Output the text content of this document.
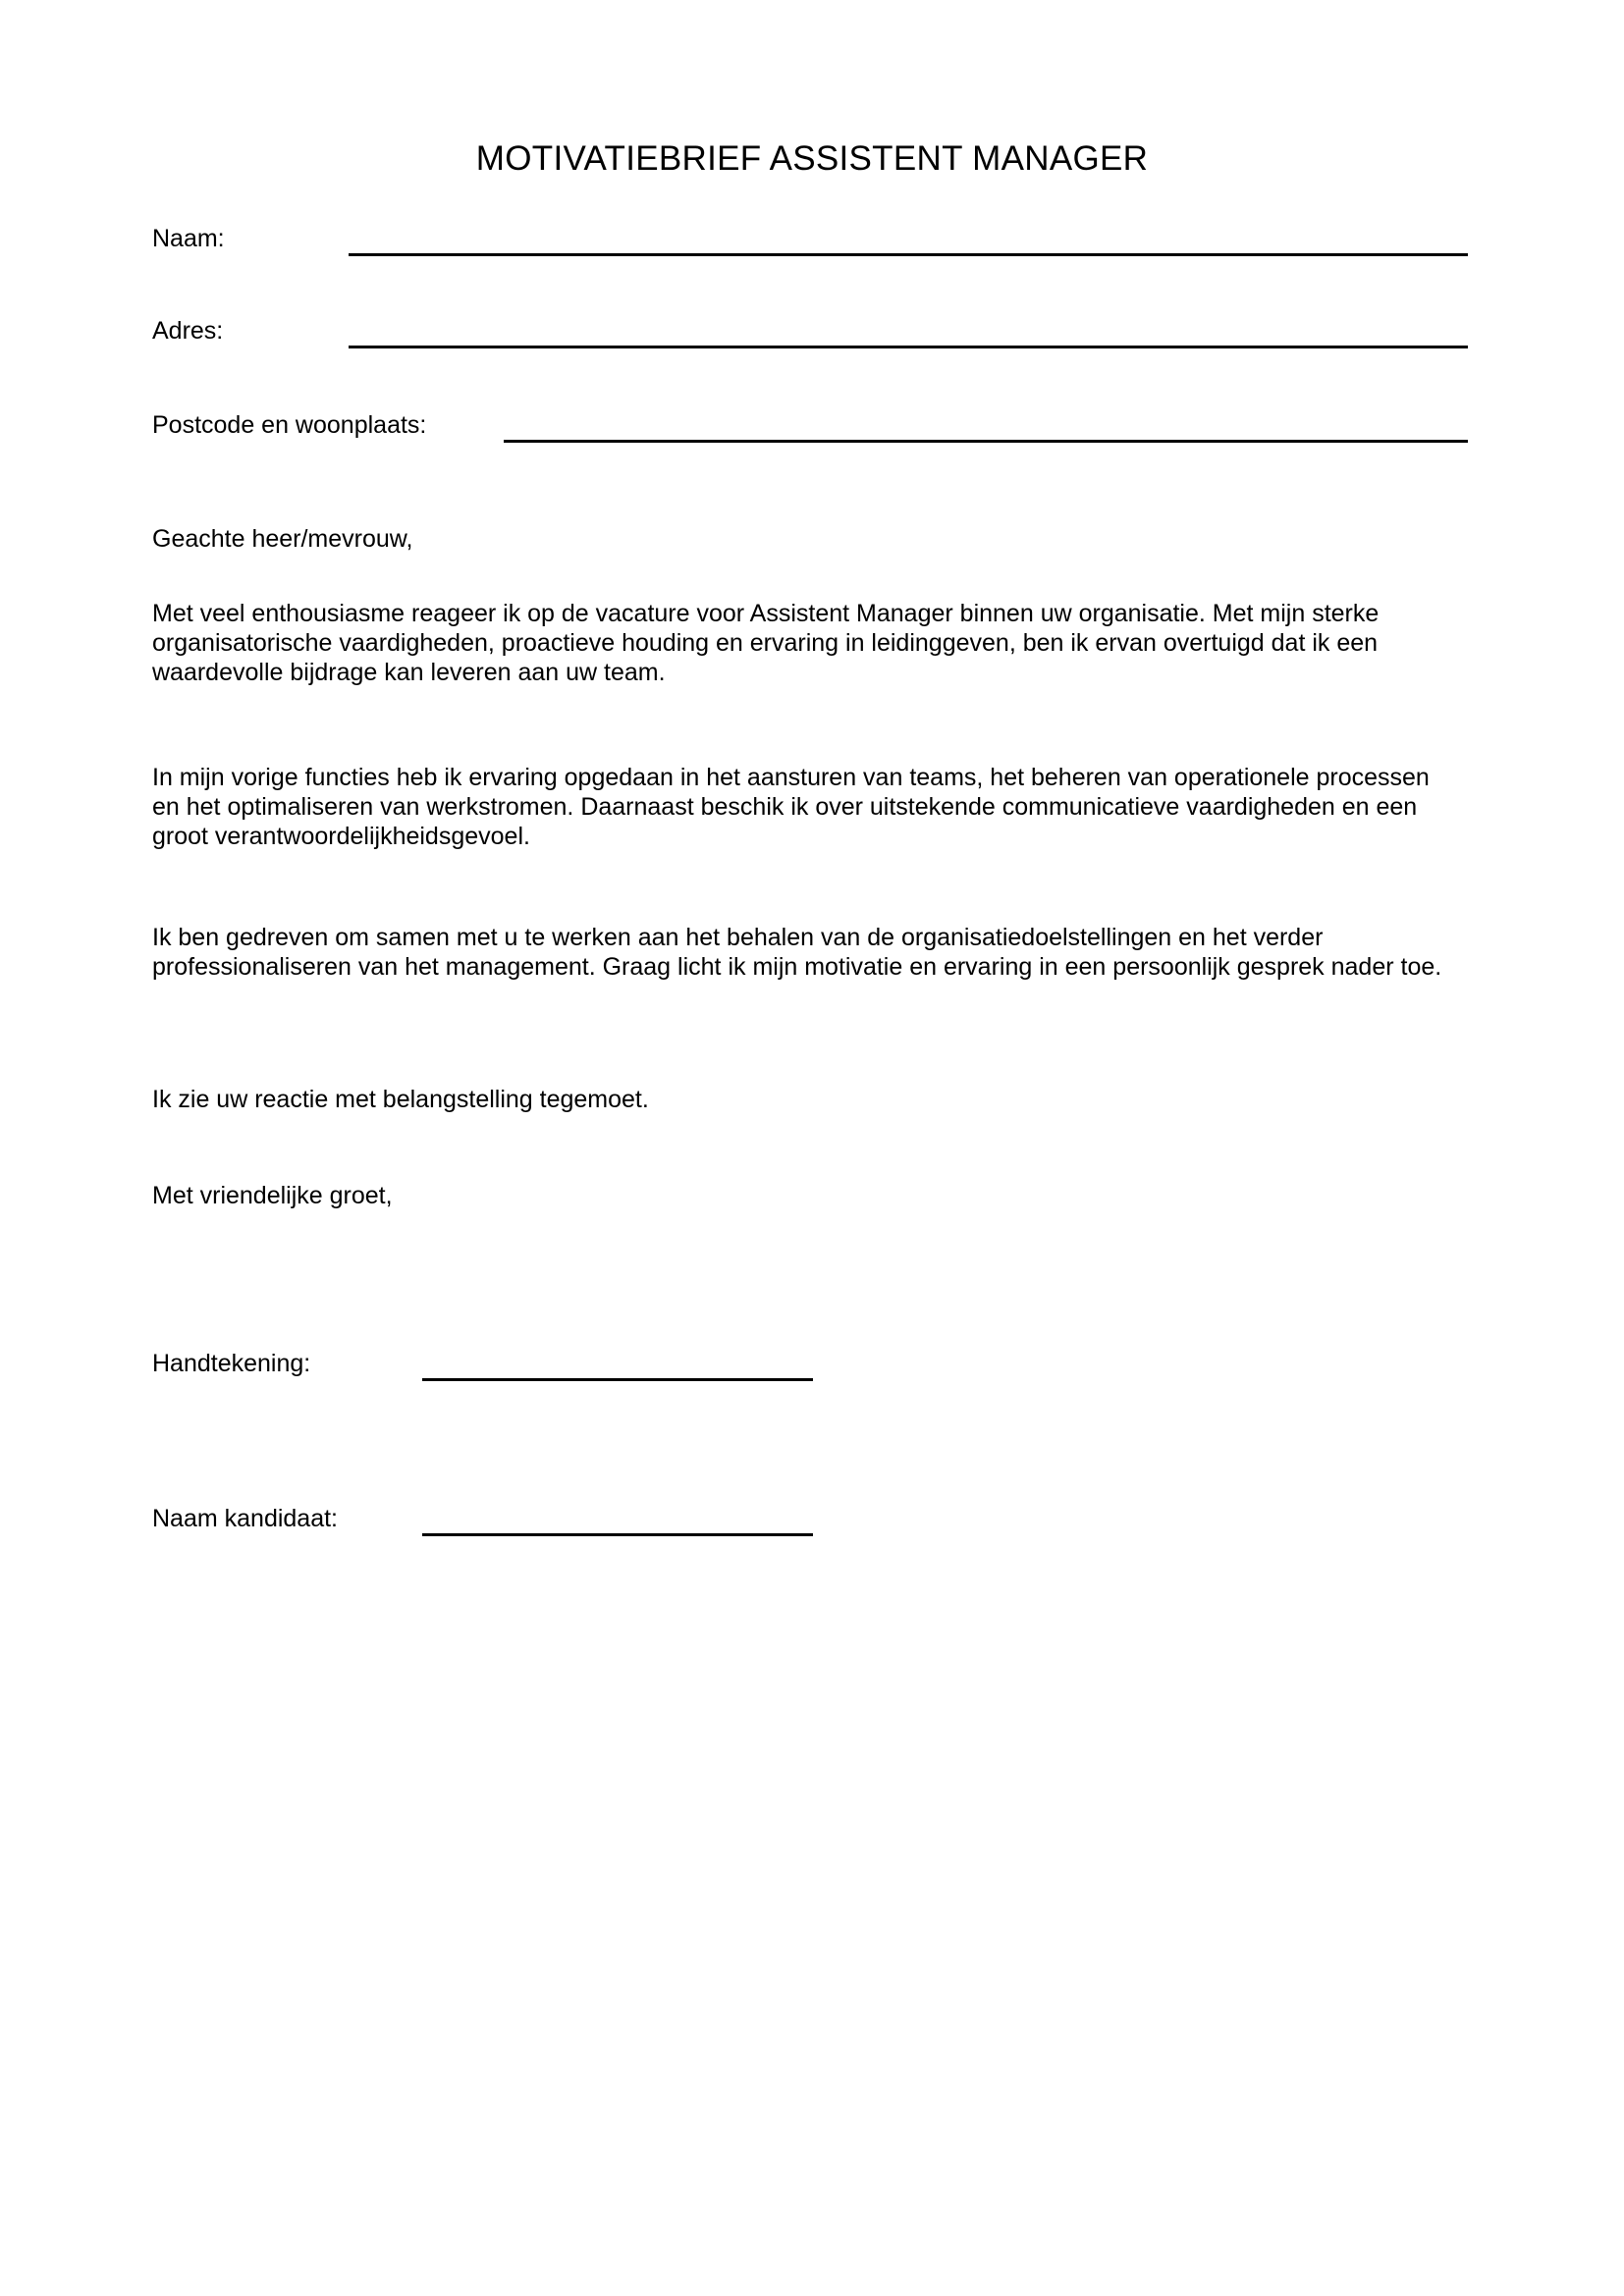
MOTIVATIEBRIEF ASSISTENT MANAGER
Naam:
Adres:
Postcode en woonplaats:

Geachte heer/mevrouw,

Met veel enthousiasme reageer ik op de vacature voor Assistent Manager binnen uw organisatie. Met mijn sterke organisatorische vaardigheden, proactieve houding en ervaring in leidinggeven, ben ik ervan overtuigd dat ik een waardevolle bijdrage kan leveren aan uw team.

In mijn vorige functies heb ik ervaring opgedaan in het aansturen van teams, het beheren van operationele processen en het optimaliseren van werkstromen. Daarnaast beschik ik over uitstekende communicatieve vaardigheden en een groot verantwoordelijkheidsgevoel.

Ik ben gedreven om samen met u te werken aan het behalen van de organisatiedoelstellingen en het verder professionaliseren van het management. Graag licht ik mijn motivatie en ervaring in een persoonlijk gesprek nader toe.

Ik zie uw reactie met belangstelling tegemoet.

Met vriendelijke groet,

Handtekening:
Naam kandidaat:
